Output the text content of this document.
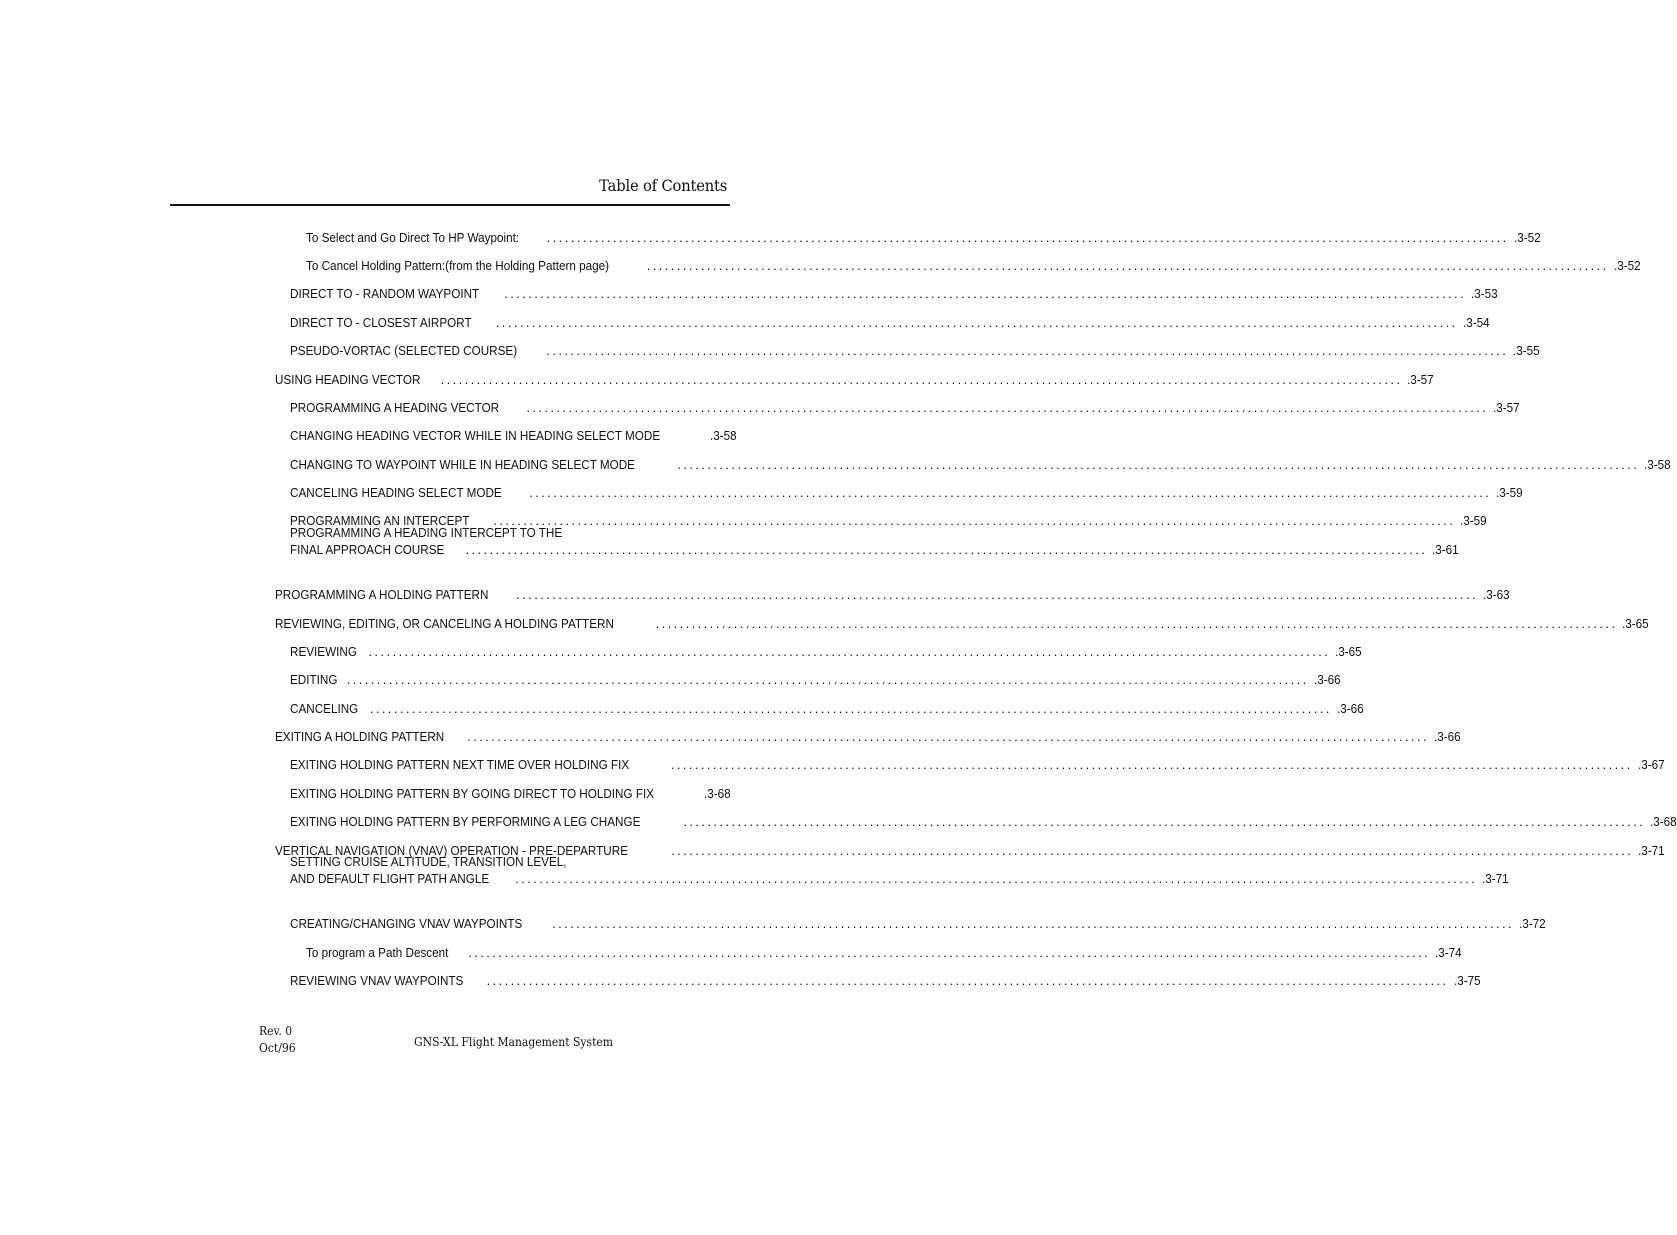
Table of Contents
To Select and Go Direct To HP Waypoint: ................................................................................................................................................................ .3-52
To Cancel Holding Pattern:(from the Holding Pattern page)	................................................................................................................................................................ .3-52
DIRECT TO - RANDOM WAYPOINT ................................................................................................................................................................ .3-53
DIRECT TO - CLOSEST AIRPORT ................................................................................................................................................................ .3-54
PSEUDO-VORTAC (SELECTED COURSE) ................................................................................................................................................................ .3-55
USING HEADING VECTOR ................................................................................................................................................................ .3-57
PROGRAMMING A HEADING VECTOR ................................................................................................................................................................ .3-57
CHANGING HEADING VECTOR WHILE IN HEADING SELECT MODE	.3-58
CHANGING TO WAYPOINT WHILE IN HEADING SELECT MODE	................................................................................................................................................................ .3-58
CANCELING HEADING SELECT MODE ................................................................................................................................................................ .3-59
PROGRAMMING AN INTERCEPT ................................................................................................................................................................ .3-59
PROGRAMMING A HEADING INTERCEPT TO THE
FINAL APPROACH COURSE ................................................................................................................................................................ .3-61
PROGRAMMING A HOLDING PATTERN ................................................................................................................................................................ .3-63
REVIEWING, EDITING, OR CANCELING A HOLDING PATTERN	................................................................................................................................................................ .3-65
REVIEWING ................................................................................................................................................................ .3-65
EDITING ................................................................................................................................................................ .3-66
CANCELING ................................................................................................................................................................ .3-66
EXITING A HOLDING PATTERN ................................................................................................................................................................ .3-66
EXITING HOLDING PATTERN NEXT TIME OVER HOLDING FIX	................................................................................................................................................................ .3-67
EXITING HOLDING PATTERN BY GOING DIRECT TO HOLDING FIX	.3-68
EXITING HOLDING PATTERN BY PERFORMING A LEG CHANGE	................................................................................................................................................................ .3-68
VERTICAL NAVIGATION (VNAV) OPERATION - PRE-DEPARTURE	................................................................................................................................................................ .3-71
SETTING CRUISE ALTITUDE, TRANSITION LEVEL,
AND DEFAULT FLIGHT PATH ANGLE ................................................................................................................................................................ .3-71
CREATING/CHANGING VNAV WAYPOINTS ................................................................................................................................................................ .3-72
To program a Path Descent ................................................................................................................................................................ .3-74
REVIEWING VNAV WAYPOINTS ................................................................................................................................................................ .3-75
Rev. 0
Oct/96	GNS-XL Flight Management System
